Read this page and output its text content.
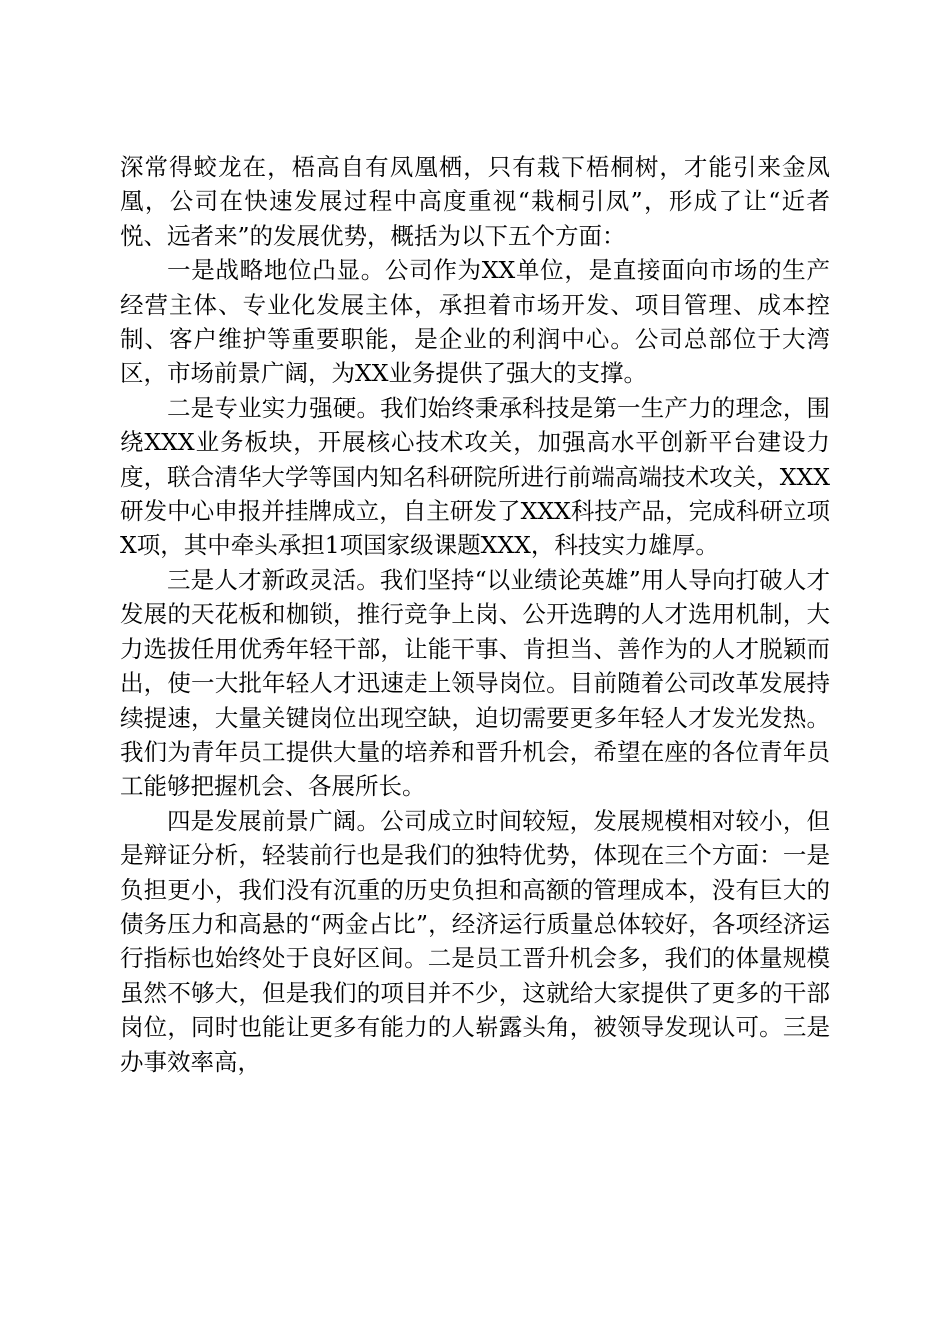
深常得蛟龙在，梧高自有凤凰栖，只有栽下梧桐树，才能引来金凤凰，公司在快速发展过程中高度重视“栽桐引凤”，形成了让“近者悦、远者来”的发展优势，概括为以下五个方面：

一是战略地位凸显。公司作为XX单位，是直接面向市场的生产经营主体、专业化发展主体，承担着市场开发、项目管理、成本控制、客户维护等重要职能，是企业的利润中心。公司总部位于大湾区，市场前景广阔，为XX业务提供了强大的支撑。

二是专业实力强硬。我们始终秉承科技是第一生产力的理念，围绕XXX业务板块，开展核心技术攻关，加强高水平创新平台建设力度，联合清华大学等国内知名科研院所进行前端高端技术攻关，XXX研发中心申报并挂牌成立，自主研发了XXX科技产品，完成科研立项X项，其中牵头承担1项国家级课题XXX，科技实力雄厚。

三是人才新政灵活。我们坚持“以业绩论英雄”用人导向打破人才发展的天花板和枷锁，推行竞争上岗、公开选聘的人才选用机制，大力选拔任用优秀年轻干部，让能干事、肯担当、善作为的人才脱颖而出，使一大批年轻人才迅速走上领导岗位。目前随着公司改革发展持续提速，大量关键岗位出现空缺，迫切需要更多年轻人才发光发热。我们为青年员工提供大量的培养和晋升机会，希望在座的各位青年员工能够把握机会、各展所长。

四是发展前景广阔。公司成立时间较短，发展规模相对较小，但是辩证分析，轻装前行也是我们的独特优势，体现在三个方面：一是负担更小，我们没有沉重的历史负担和高额的管理成本，没有巨大的债务压力和高悬的“两金占比”，经济运行质量总体较好，各项经济运行指标也始终处于良好区间。二是员工晋升机会多，我们的体量规模虽然不够大，但是我们的项目并不少，这就给大家提供了更多的干部岗位，同时也能让更多有能力的人崭露头角，被领导发现认可。三是办事效率高，
